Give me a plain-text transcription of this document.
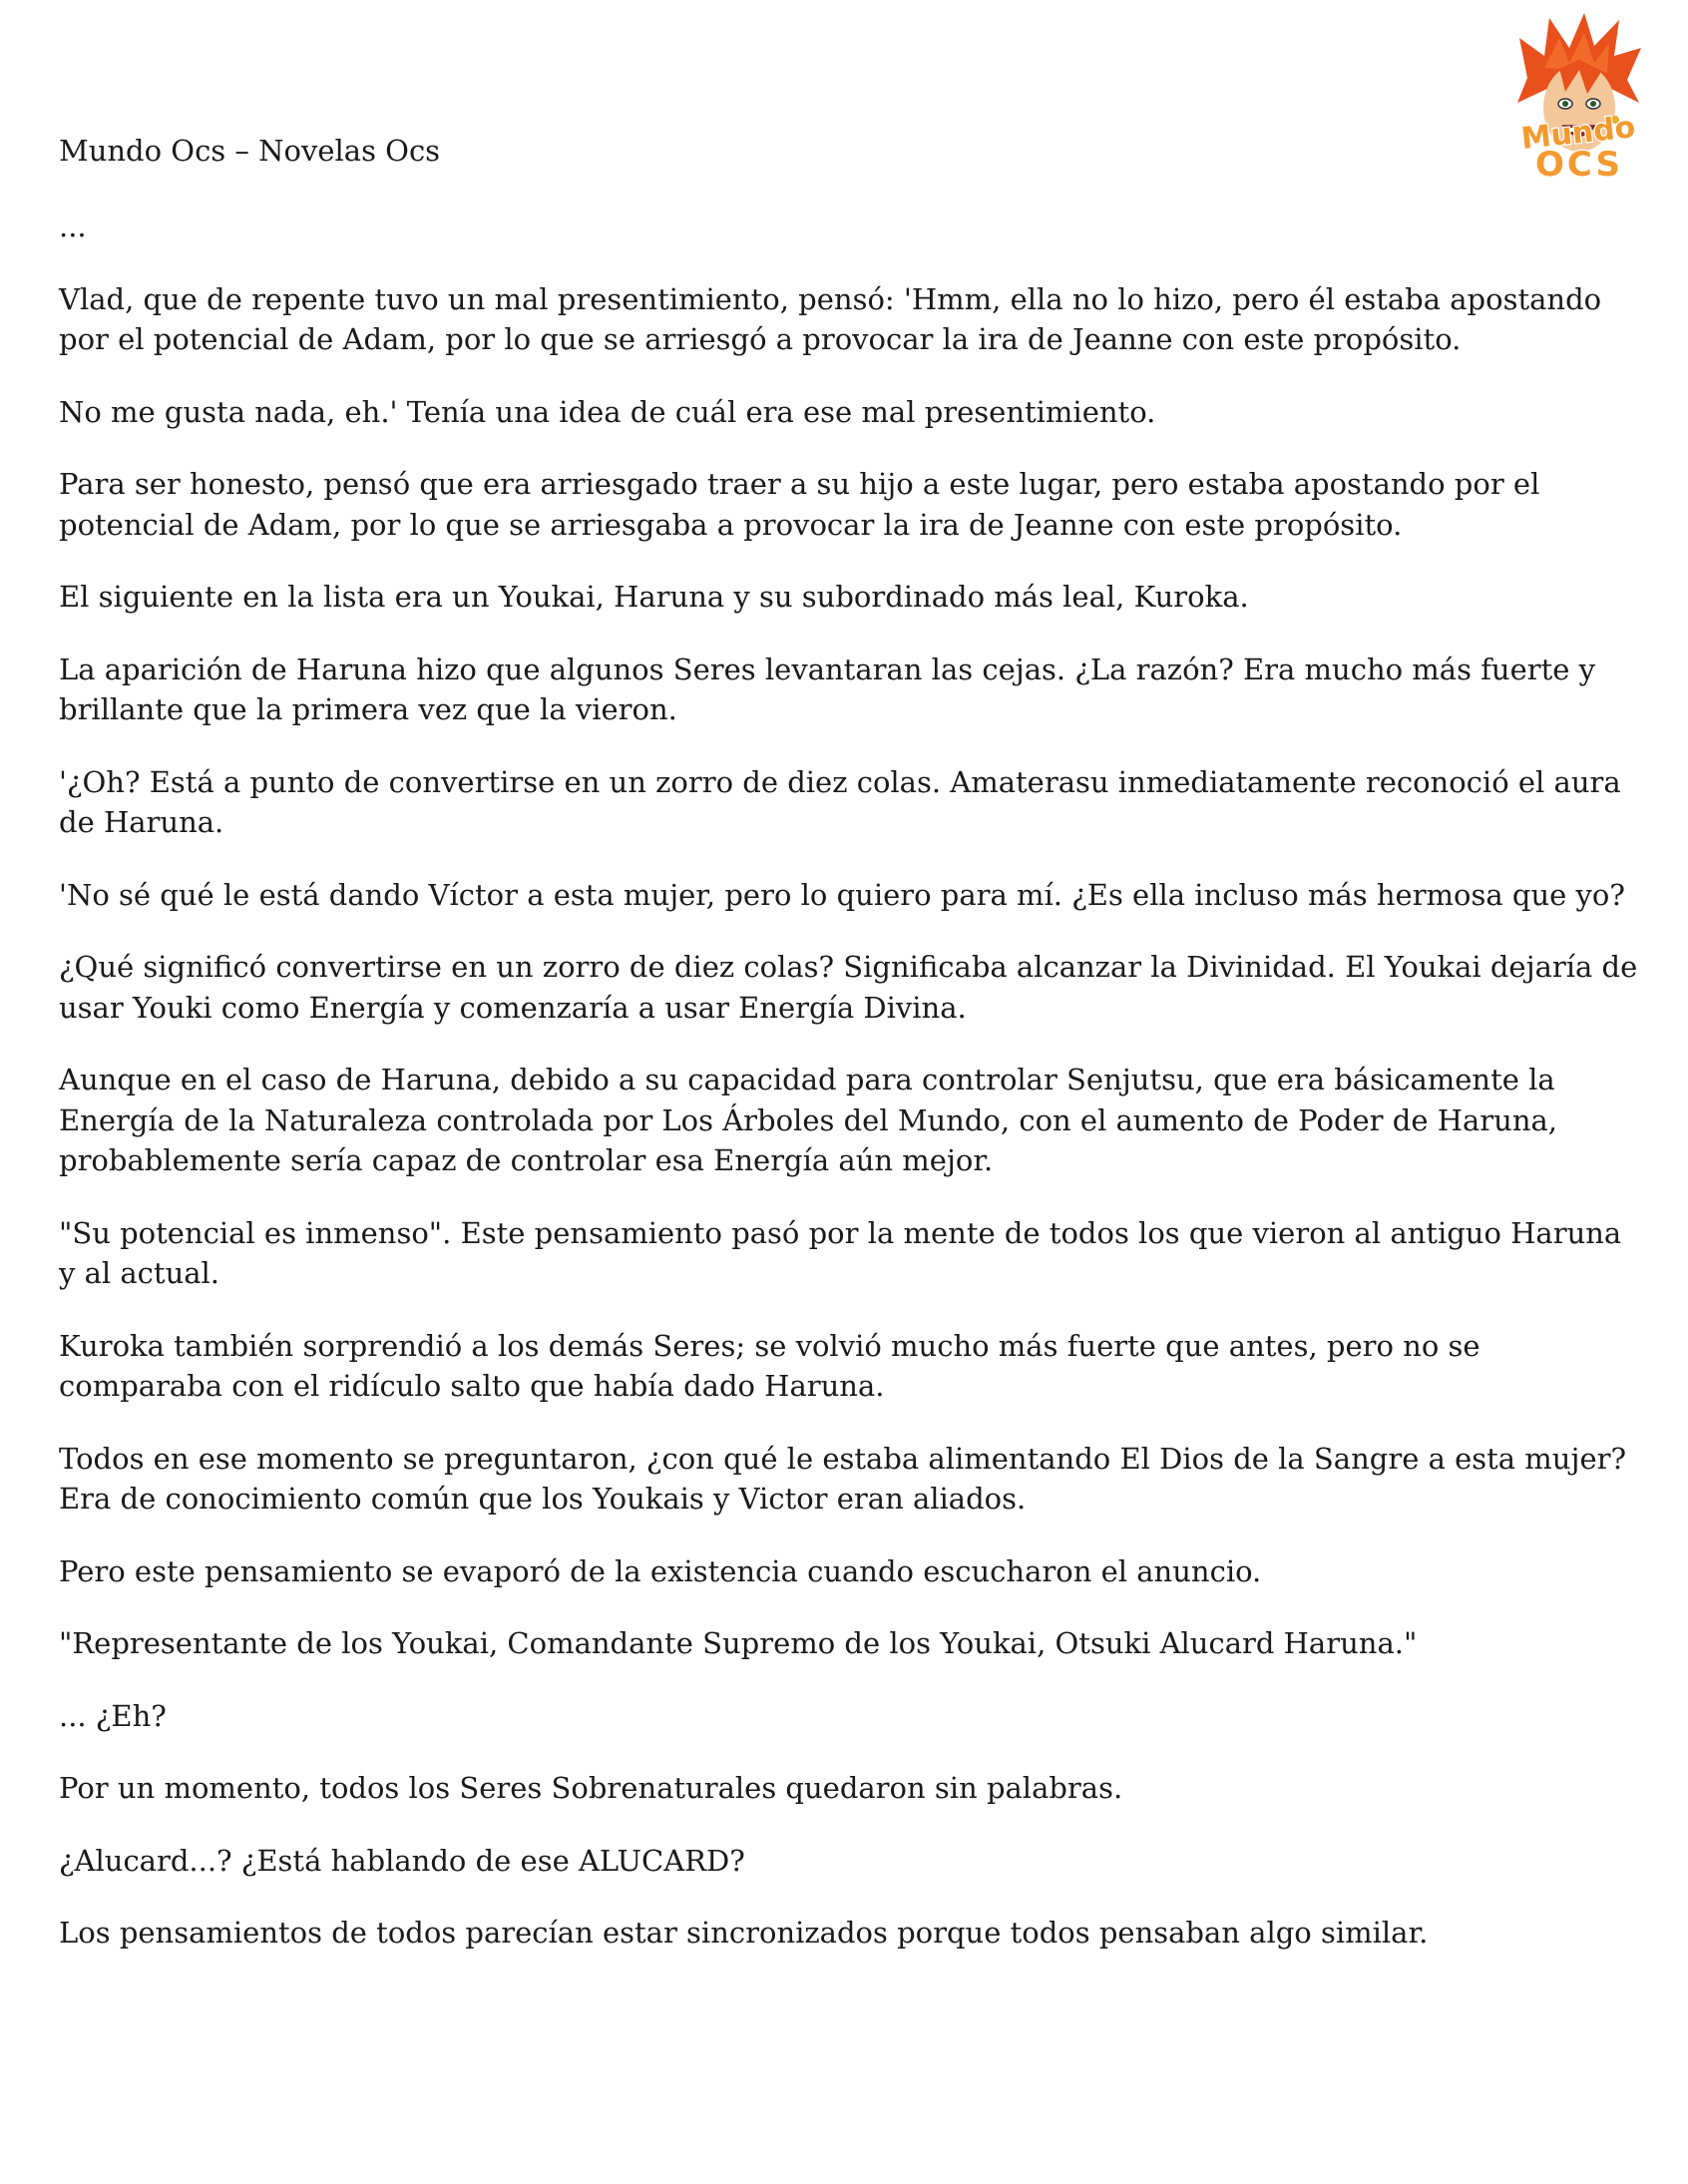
Mundo
OCS
Mundo Ocs – Novelas Ocs

...

Vlad, que de repente tuvo un mal presentimiento, pensó: 'Hmm, ella no lo hizo, pero él estaba apostando por el potencial de Adam, por lo que se arriesgó a provocar la ira de Jeanne con este propósito.

No me gusta nada, eh.' Tenía una idea de cuál era ese mal presentimiento.

Para ser honesto, pensó que era arriesgado traer a su hijo a este lugar, pero estaba apostando por el potencial de Adam, por lo que se arriesgaba a provocar la ira de Jeanne con este propósito.

El siguiente en la lista era un Youkai, Haruna y su subordinado más leal, Kuroka.

La aparición de Haruna hizo que algunos Seres levantaran las cejas. ¿La razón? Era mucho más fuerte y brillante que la primera vez que la vieron.

'¿Oh? Está a punto de convertirse en un zorro de diez colas. Amaterasu inmediatamente reconoció el aura de Haruna.

'No sé qué le está dando Víctor a esta mujer, pero lo quiero para mí. ¿Es ella incluso más hermosa que yo?

¿Qué significó convertirse en un zorro de diez colas? Significaba alcanzar la Divinidad. El Youkai dejaría de usar Youki como Energía y comenzaría a usar Energía Divina.

Aunque en el caso de Haruna, debido a su capacidad para controlar Senjutsu, que era básicamente la Energía de la Naturaleza controlada por Los Árboles del Mundo, con el aumento de Poder de Haruna, probablemente sería capaz de controlar esa Energía aún mejor.

"Su potencial es inmenso". Este pensamiento pasó por la mente de todos los que vieron al antiguo Haruna y al actual.

Kuroka también sorprendió a los demás Seres; se volvió mucho más fuerte que antes, pero no se comparaba con el ridículo salto que había dado Haruna.

Todos en ese momento se preguntaron, ¿con qué le estaba alimentando El Dios de la Sangre a esta mujer? Era de conocimiento común que los Youkais y Victor eran aliados.

Pero este pensamiento se evaporó de la existencia cuando escucharon el anuncio.

"Representante de los Youkai, Comandante Supremo de los Youkai, Otsuki Alucard Haruna."

... ¿Eh?

Por un momento, todos los Seres Sobrenaturales quedaron sin palabras.

¿Alucard...? ¿Está hablando de ese ALUCARD?

Los pensamientos de todos parecían estar sincronizados porque todos pensaban algo similar.
